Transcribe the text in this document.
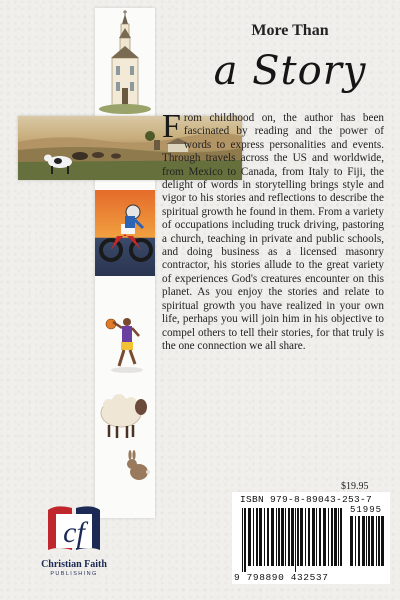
More Than
a Story
From childhood on, the author has been fascinated by reading and the power of words to express personalities and events. Through travels across the US and worldwide, from Mexico to Canada, from Italy to Fiji, the delight of words in storytelling brings style and vigor to his stories and reflections to describe the spiritual growth he found in them. From a variety of occupations including truck driving, pastoring a church, teaching in private and public schools, and doing business as a licensed masonry contractor, his stories allude to the great variety of experiences God's creatures encounter on this planet. As you enjoy the stories and relate to spiritual growth you have realized in your own life, perhaps you will join him in his objective to compel others to tell their stories, for that truly is the one connection we all share.
$19.95
ISBN 979-8-89043-253-7
51995
9 798890 432537
cf
Christian Faith
PUBLISHING
